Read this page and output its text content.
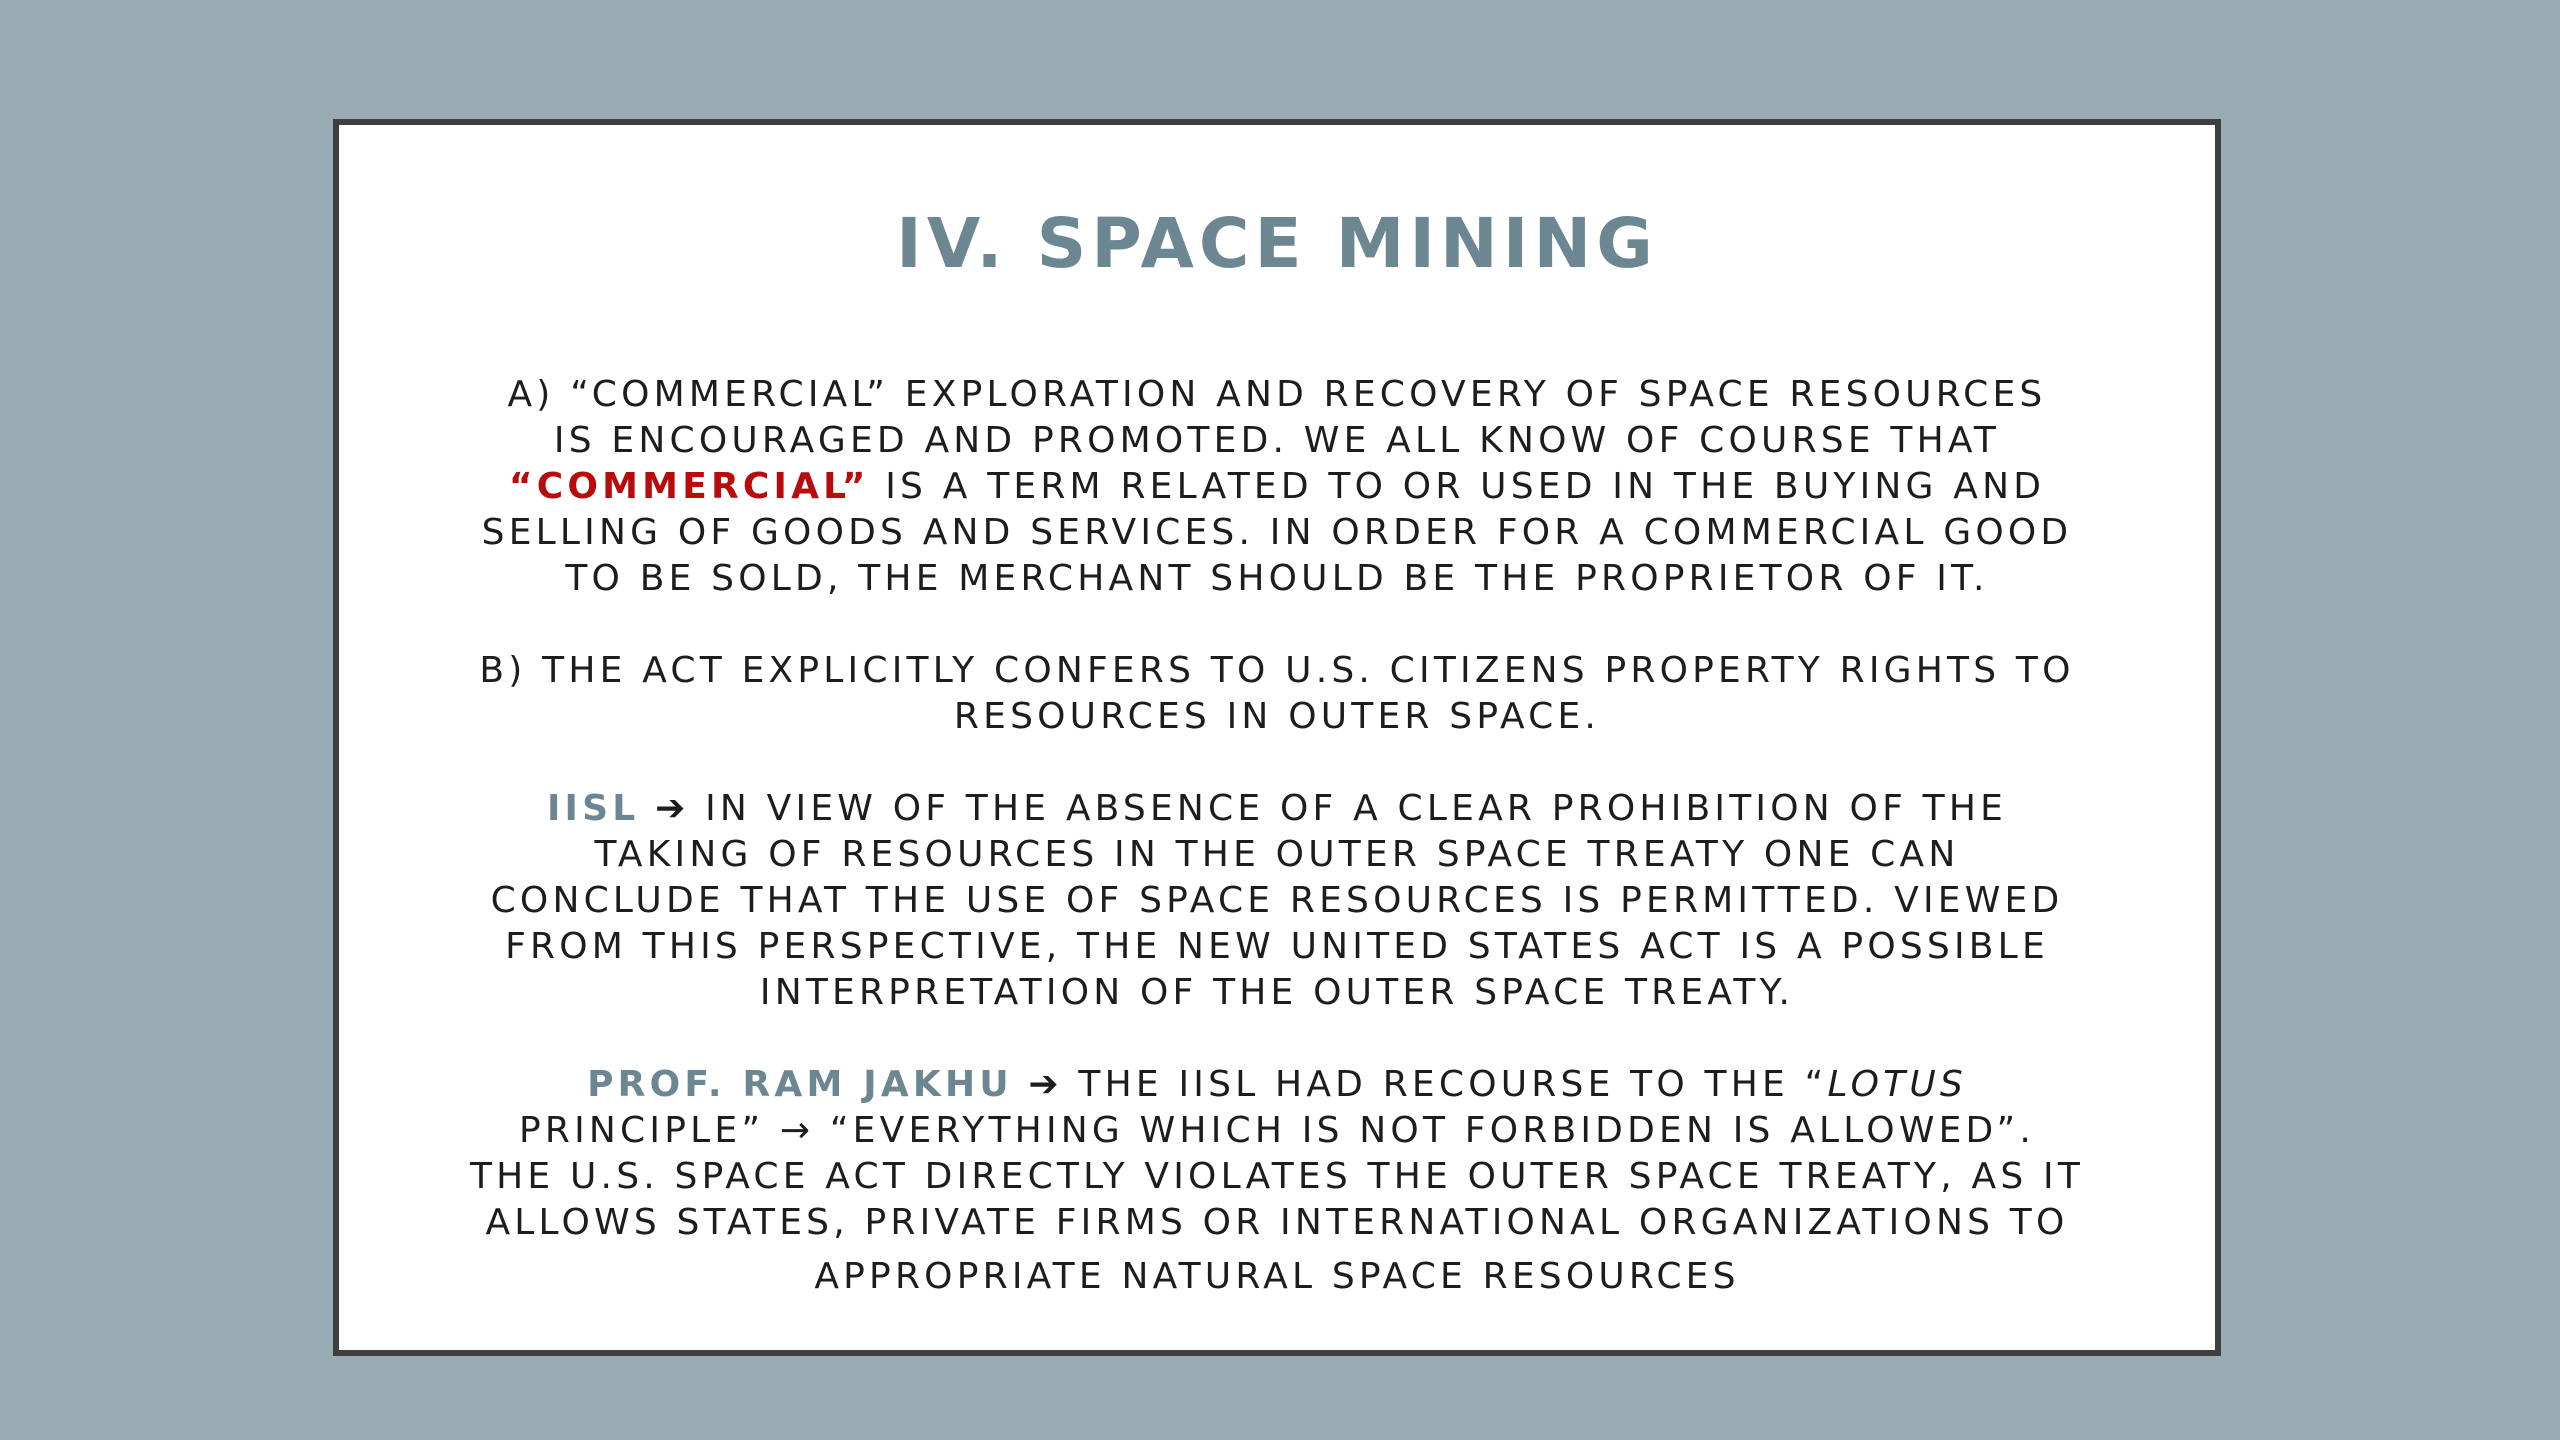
IV. SPACE MINING
A) “COMMERCIAL” EXPLORATION AND RECOVERY OF SPACE RESOURCES
IS ENCOURAGED AND PROMOTED. WE ALL KNOW OF COURSE THAT
“COMMERCIAL” IS A TERM RELATED TO OR USED IN THE BUYING AND
SELLING OF GOODS AND SERVICES. IN ORDER FOR A COMMERCIAL GOOD
TO BE SOLD, THE MERCHANT SHOULD BE THE PROPRIETOR OF IT.
B) THE ACT EXPLICITLY CONFERS TO U.S. CITIZENS PROPERTY RIGHTS TO
RESOURCES IN OUTER SPACE.
IISL ➔ IN VIEW OF THE ABSENCE OF A CLEAR PROHIBITION OF THE
TAKING OF RESOURCES IN THE OUTER SPACE TREATY ONE CAN
CONCLUDE THAT THE USE OF SPACE RESOURCES IS PERMITTED. VIEWED
FROM THIS PERSPECTIVE, THE NEW UNITED STATES ACT IS A POSSIBLE
INTERPRETATION OF THE OUTER SPACE TREATY.
PROF. RAM JAKHU ➔ THE IISL HAD RECOURSE TO THE “LOTUS
PRINCIPLE” → “EVERYTHING WHICH IS NOT FORBIDDEN IS ALLOWED”.
THE U.S. SPACE ACT DIRECTLY VIOLATES THE OUTER SPACE TREATY, AS IT
ALLOWS STATES, PRIVATE FIRMS OR INTERNATIONAL ORGANIZATIONS TO
APPROPRIATE NATURAL SPACE RESOURCES
